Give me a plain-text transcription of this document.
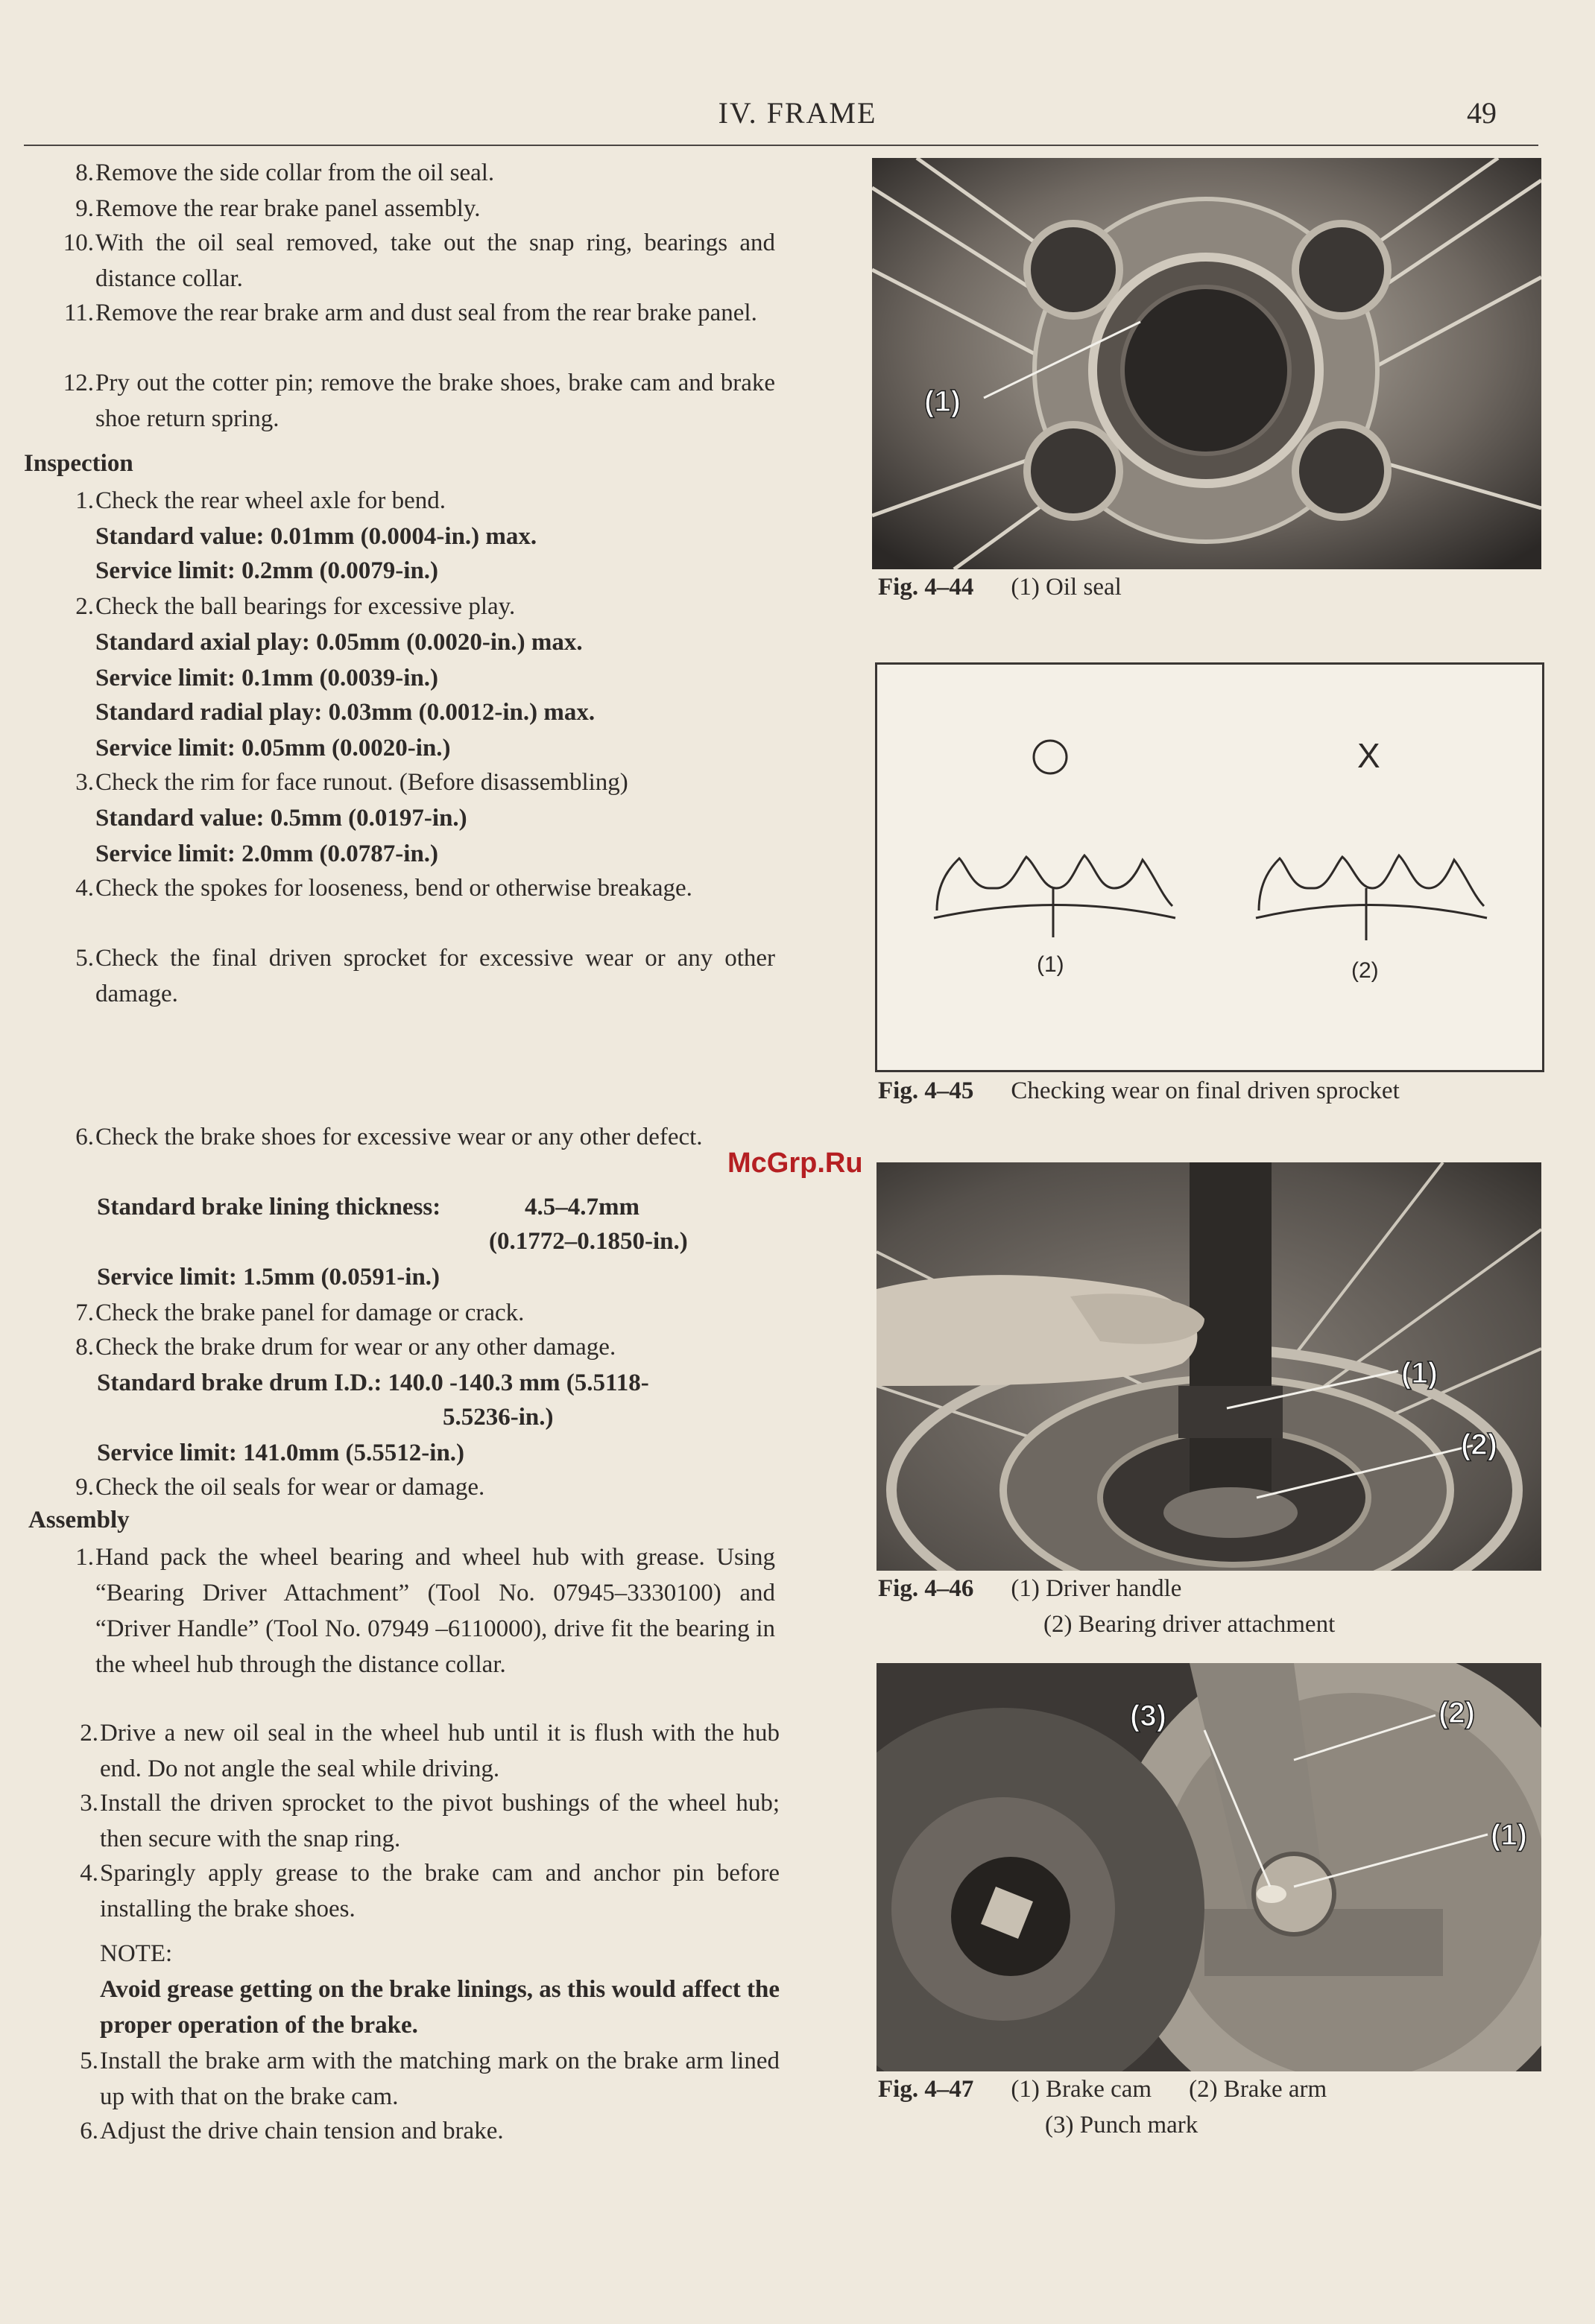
IV. FRAME	49
8. Remove the side collar from the oil seal.
9. Remove the rear brake panel assembly.
10. With the oil seal removed, take out the snap ring, bearings and distance collar.
11. Remove the rear brake arm and dust seal from the rear brake panel.
12. Pry out the cotter pin; remove the brake shoes, brake cam and brake shoe return spring.
Inspection
1. Check the rear wheel axle for bend.
Standard value: 0.01mm (0.0004-in.) max.
Service limit: 0.2mm (0.0079-in.)
2. Check the ball bearings for excessive play.
Standard axial play: 0.05mm (0.0020-in.) max.
Service limit: 0.1mm (0.0039-in.)
Standard radial play: 0.03mm (0.0012-in.) max.
Service limit: 0.05mm (0.0020-in.)
3. Check the rim for face runout. (Before disassembling)
Standard value: 0.5mm (0.0197-in.)
Service limit: 2.0mm (0.0787-in.)
4. Check the spokes for looseness, bend or otherwise breakage.
5. Check the final driven sprocket for excessive wear or any other damage.
6. Check the brake shoes for excessive wear or any other defect.
Standard brake lining thickness:	4.5–4.7mm
(0.1772–0.1850-in.)
Service limit: 1.5mm (0.0591-in.)
7. Check the brake panel for damage or crack.
8. Check the brake drum for wear or any other damage.
Standard brake drum I.D.: 140.0 -140.3 mm (5.5118-
5.5236-in.)
Service limit: 141.0mm (5.5512-in.)
9. Check the oil seals for wear or damage.
Assembly
1. Hand pack the wheel bearing and wheel hub with grease. Using “Bearing Driver Attachment” (Tool No. 07945–3330100) and “Driver Handle” (Tool No. 07949 –6110000), drive fit the bearing in the wheel hub through the distance collar.
2. Drive a new oil seal in the wheel hub until it is flush with the hub end. Do not angle the seal while driving.
3. Install the driven sprocket to the pivot bushings of the wheel hub; then secure with the snap ring.
4. Sparingly apply grease to the brake cam and anchor pin before installing the brake shoes.
NOTE:
Avoid grease getting on the brake linings, as this would affect the proper operation of the brake.
5. Install the brake arm with the matching mark on the brake arm lined up with that on the brake cam.
6. Adjust the drive chain tension and brake.
(1)
Fig. 4–44 (1) Oil seal
X
(1)	(2)
Fig. 4–45 Checking wear on final driven sprocket
McGrp.Ru
(1)
(2)
Fig. 4–46 (1) Driver handle
(2) Bearing driver attachment
(1)
(2)
(3)
Fig. 4–47 (1) Brake cam (2) Brake arm
(3) Punch mark
